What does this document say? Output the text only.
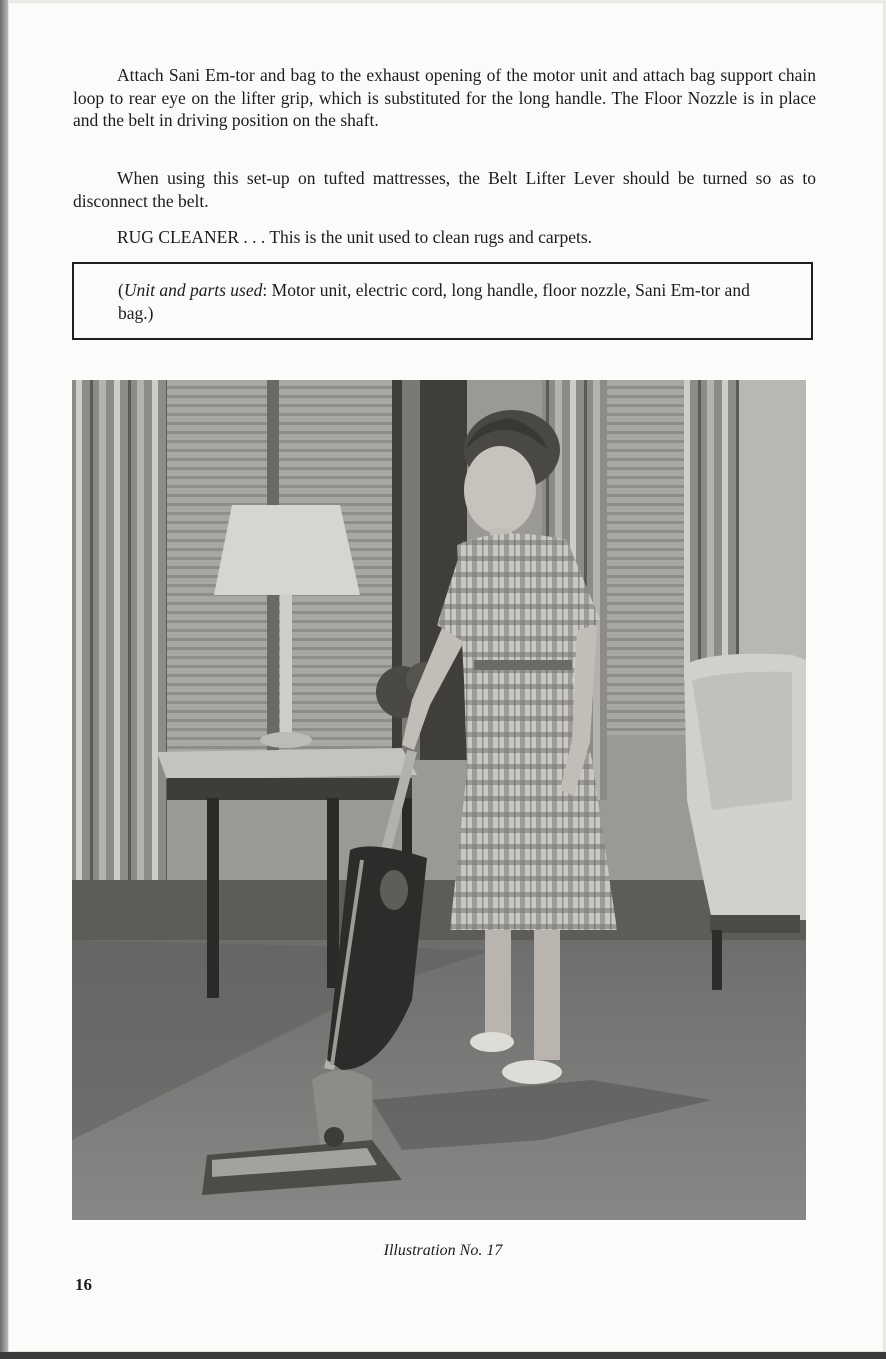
Attach Sani Em-tor and bag to the exhaust opening of the motor unit and attach bag support chain loop to rear eye on the lifter grip, which is substituted for the long handle. The Floor Nozzle is in place and the belt in driving position on the shaft.

When using this set-up on tufted mattresses, the Belt Lifter Lever should be turned so as to disconnect the belt.

RUG CLEANER . . . This is the unit used to clean rugs and carpets.

(Unit and parts used: Motor unit, electric cord, long handle, floor nozzle, Sani Em-tor and bag.)

Illustration No. 17
16
